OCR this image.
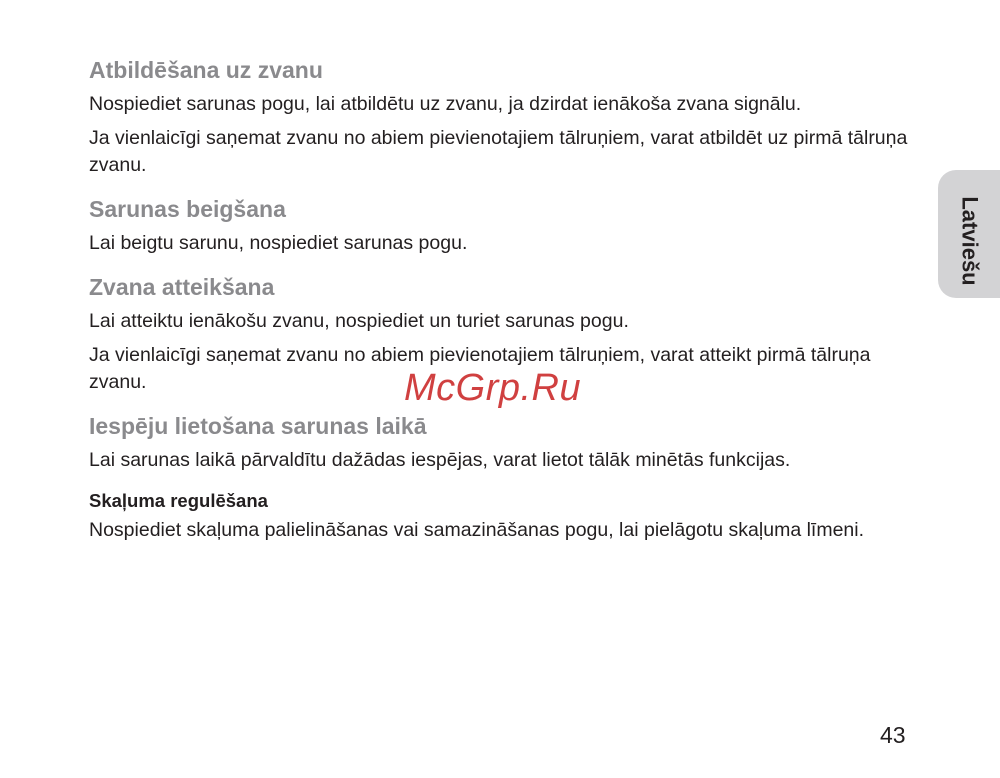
Atbildēšana uz zvanu

Nospiediet sarunas pogu, lai atbildētu uz zvanu, ja dzirdat ienākoša zvana signālu.

Ja vienlaicīgi saņemat zvanu no abiem pievienotajiem tālruņiem, varat atbildēt uz pirmā tālruņa zvanu.

Sarunas beigšana

Lai beigtu sarunu, nospiediet sarunas pogu.

Zvana atteikšana

Lai atteiktu ienākošu zvanu, nospiediet un turiet sarunas pogu.

Ja vienlaicīgi saņemat zvanu no abiem pievienotajiem tālruņiem, varat atteikt pirmā tālruņa zvanu.

Iespēju lietošana sarunas laikā

Lai sarunas laikā pārvaldītu dažādas iespējas, varat lietot tālāk minētās funkcijas.

Skaļuma regulēšana

Nospiediet skaļuma palielināšanas vai samazināšanas pogu, lai pielāgotu skaļuma līmeni.

Latviešu
McGrp.Ru
43
